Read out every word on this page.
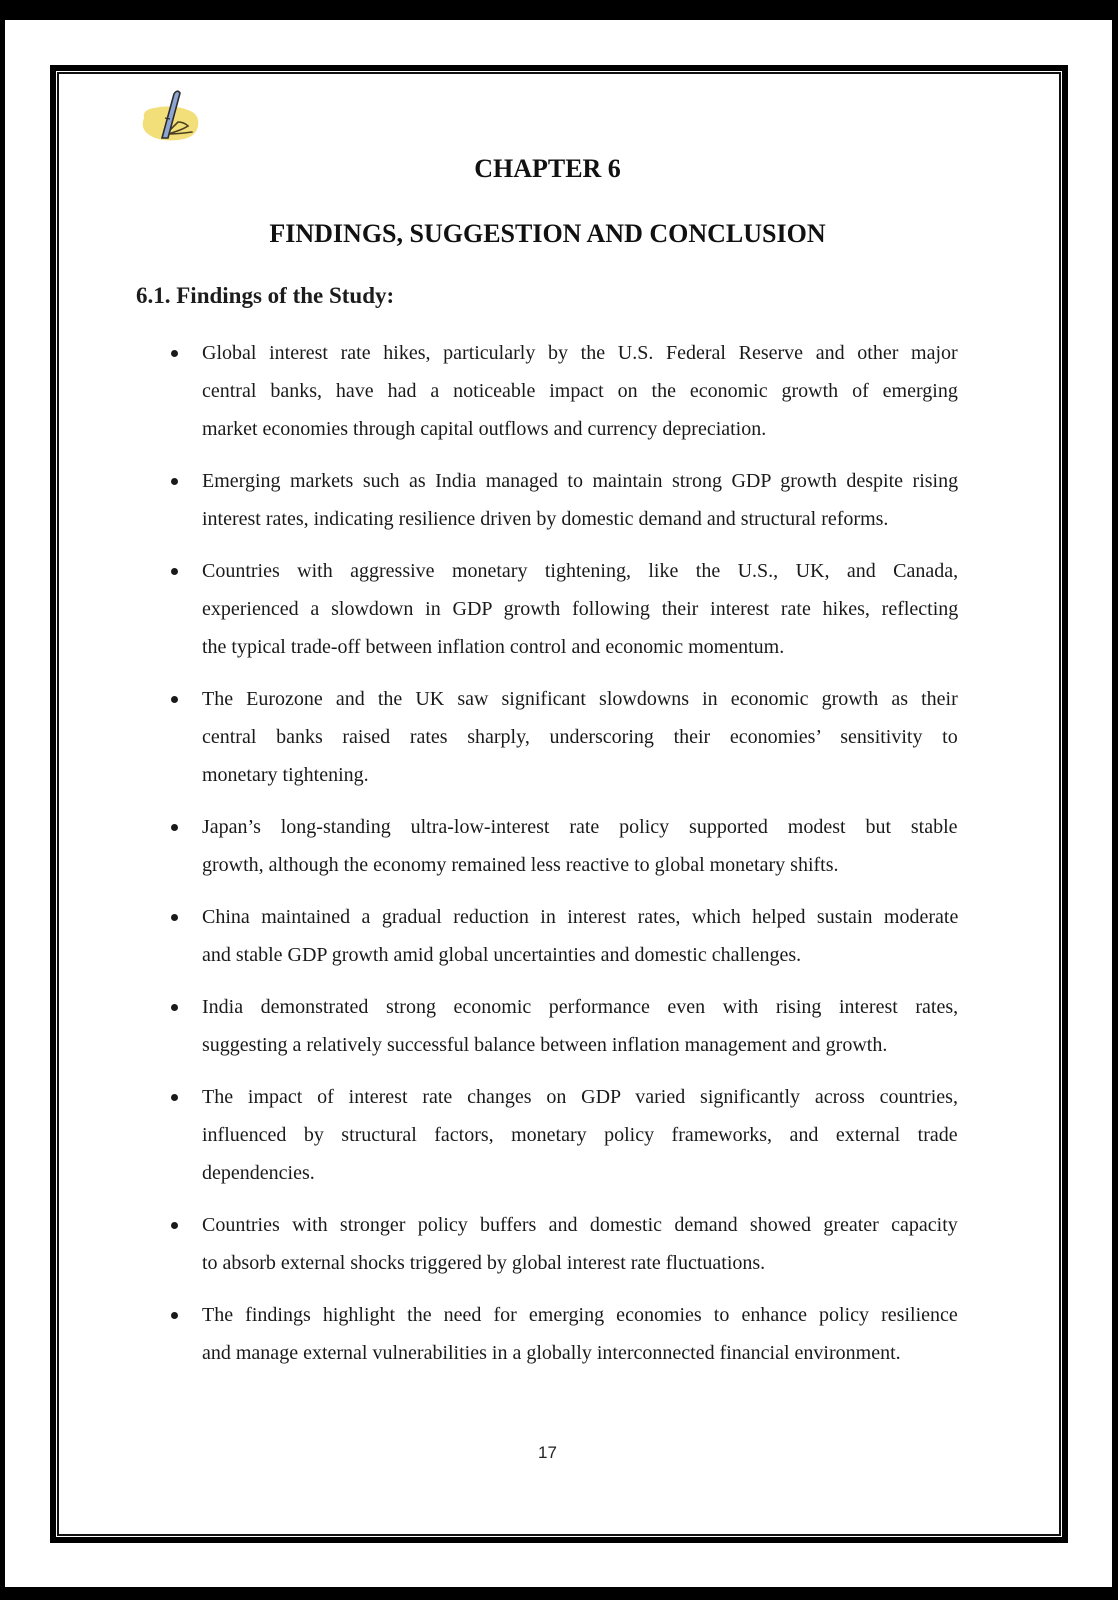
CHAPTER 6
FINDINGS, SUGGESTION AND CONCLUSION
6.1. Findings of the Study:
Global interest rate hikes, particularly by the U.S. Federal Reserve and other major
central banks, have had a noticeable impact on the economic growth of emerging
market economies through capital outflows and currency depreciation.
Emerging markets such as India managed to maintain strong GDP growth despite rising
interest rates, indicating resilience driven by domestic demand and structural reforms.
Countries with aggressive monetary tightening, like the U.S., UK, and Canada,
experienced a slowdown in GDP growth following their interest rate hikes, reflecting
the typical trade-off between inflation control and economic momentum.
The Eurozone and the UK saw significant slowdowns in economic growth as their
central banks raised rates sharply, underscoring their economies’ sensitivity to
monetary tightening.
Japan’s long-standing ultra-low-interest rate policy supported modest but stable
growth, although the economy remained less reactive to global monetary shifts.
China maintained a gradual reduction in interest rates, which helped sustain moderate
and stable GDP growth amid global uncertainties and domestic challenges.
India demonstrated strong economic performance even with rising interest rates,
suggesting a relatively successful balance between inflation management and growth.
The impact of interest rate changes on GDP varied significantly across countries,
influenced by structural factors, monetary policy frameworks, and external trade
dependencies.
Countries with stronger policy buffers and domestic demand showed greater capacity
to absorb external shocks triggered by global interest rate fluctuations.
The findings highlight the need for emerging economies to enhance policy resilience
and manage external vulnerabilities in a globally interconnected financial environment.
17
